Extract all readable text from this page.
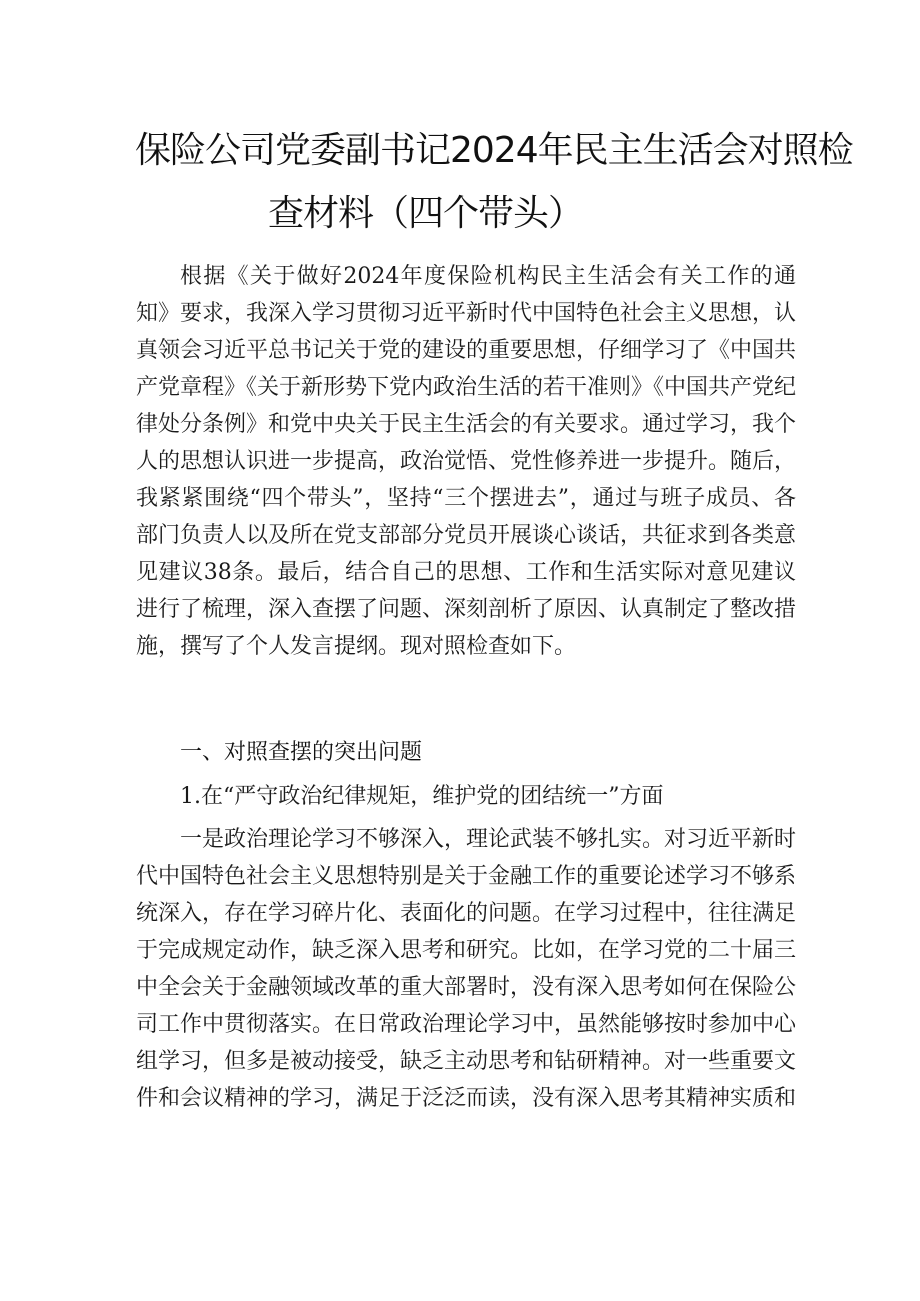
保险公司党委副书记2024年民主生活会对照检
查材料（四个带头）

根据《关于做好2024年度保险机构民主生活会有关工作的通知》要求，我深入学习贯彻习近平新时代中国特色社会主义思想，认真领会习近平总书记关于党的建设的重要思想，仔细学习了《中国共产党章程》《关于新形势下党内政治生活的若干准则》《中国共产党纪律处分条例》和党中央关于民主生活会的有关要求。通过学习，我个人的思想认识进一步提高，政治觉悟、党性修养进一步提升。随后，我紧紧围绕“四个带头”，坚持“三个摆进去”，通过与班子成员、各部门负责人以及所在党支部部分党员开展谈心谈话，共征求到各类意见建议38条。最后，结合自己的思想、工作和生活实际对意见建议进行了梳理，深入查摆了问题、深刻剖析了原因、认真制定了整改措施，撰写了个人发言提纲。现对照检查如下。

一、对照查摆的突出问题
1.在“严守政治纪律规矩，维护党的团结统一”方面

一是政治理论学习不够深入，理论武装不够扎实。对习近平新时代中国特色社会主义思想特别是关于金融工作的重要论述学习不够系统深入，存在学习碎片化、表面化的问题。在学习过程中，往往满足于完成规定动作，缺乏深入思考和研究。比如，在学习党的二十届三中全会关于金融领域改革的重大部署时，没有深入思考如何在保险公司工作中贯彻落实。在日常政治理论学习中，虽然能够按时参加中心组学习，但多是被动接受，缺乏主动思考和钻研精神。对一些重要文件和会议精神的学习，满足于泛泛而读，没有深入思考其精神实质和
